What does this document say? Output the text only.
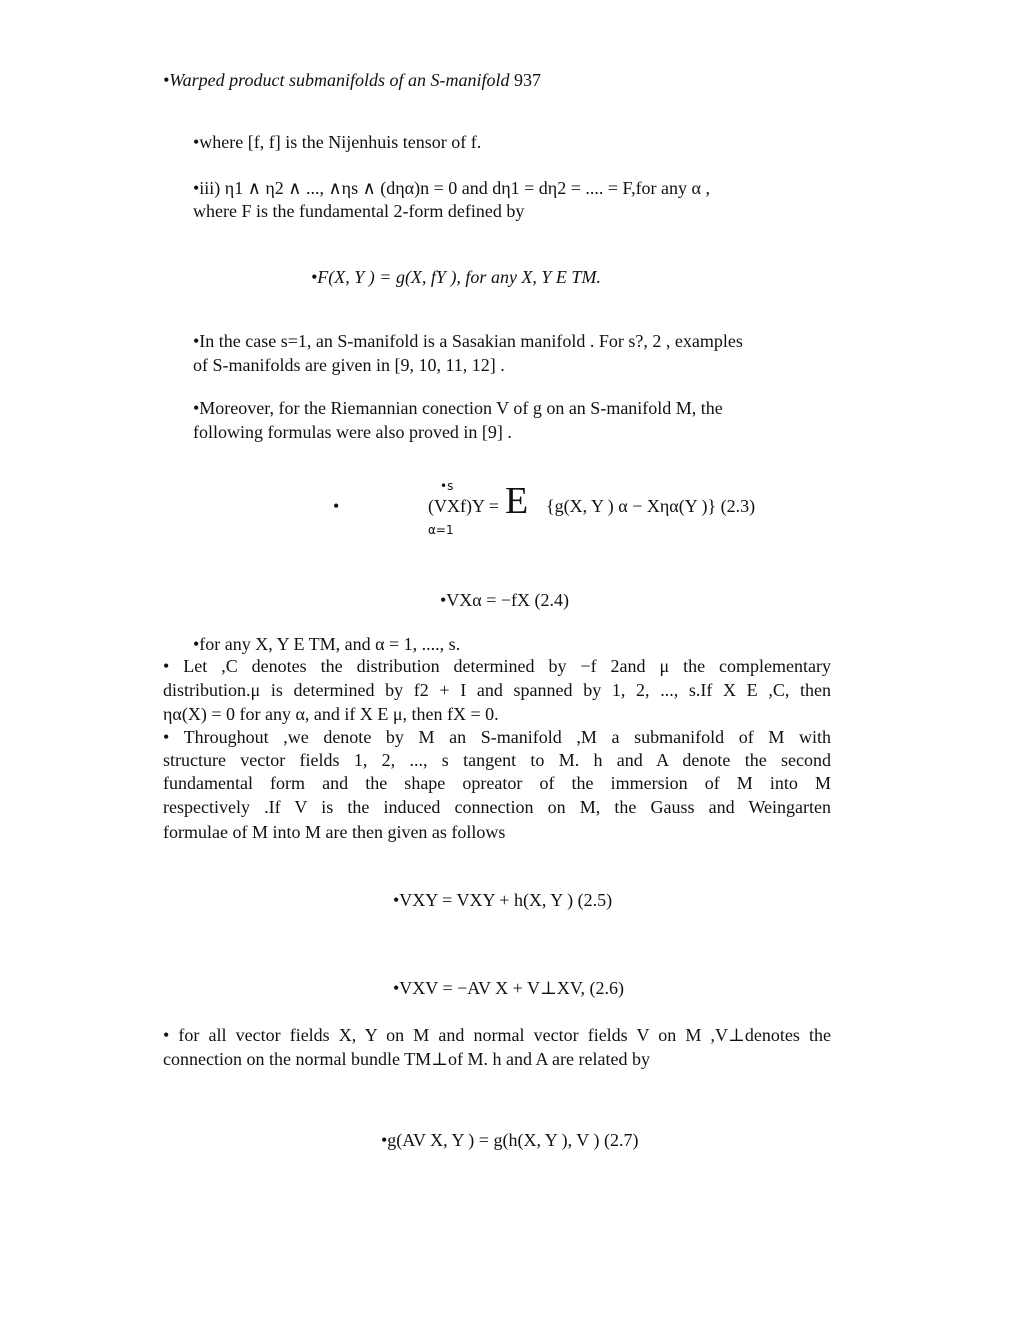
•Warped product submanifolds of an S-manifold 937
•where [f, f] is the Nijenhuis tensor of f.
•iii) η1 ∧ η2 ∧ ..., ∧ηs ∧ (dηα)n = 0 and dη1 = dη2 = .... = F,for any α ,
where F is the fundamental 2-form defined by
•F(X, Y ) = g(X, fY ), for any X, Y E TM.
•In the case s=1, an S-manifold is a Sasakian manifold . For s?, 2 , examples
of S-manifolds are given in [9, 10, 11, 12] .
•Moreover, for the Riemannian conection V of g on an S-manifold M, the
following formulas were also proved in [9] .
•s
•	(VXf)Y = E {g(X, Y ) α − Xηα(Y )} (2.3)
α=1
•VXα = −fX (2.4)
•for any X, Y E TM, and α = 1, ...., s.
• Let ,C denotes the distribution determined by −f 2and μ the complementary
distribution.μ is determined by f2 + I and spanned by 1, 2, ..., s.If X E ,C, then
ηα(X) = 0 for any α, and if X E μ, then fX = 0.
• Throughout ,we denote by M an S-manifold ,M a submanifold of M with
structure vector fields 1, 2, ..., s tangent to M. h and A denote the second
fundamental form and the shape opreator of the immersion of M into M
respectively .If V is the induced connection on M, the Gauss and Weingarten
formulae of M into M are then given as follows
•VXY = VXY + h(X, Y ) (2.5)
•VXV = −AV X + V⊥XV, (2.6)
• for all vector fields X, Y on M and normal vector fields V on M ,V⊥denotes the
connection on the normal bundle TM⊥of M. h and A are related by
•g(AV X, Y ) = g(h(X, Y ), V ) (2.7)
